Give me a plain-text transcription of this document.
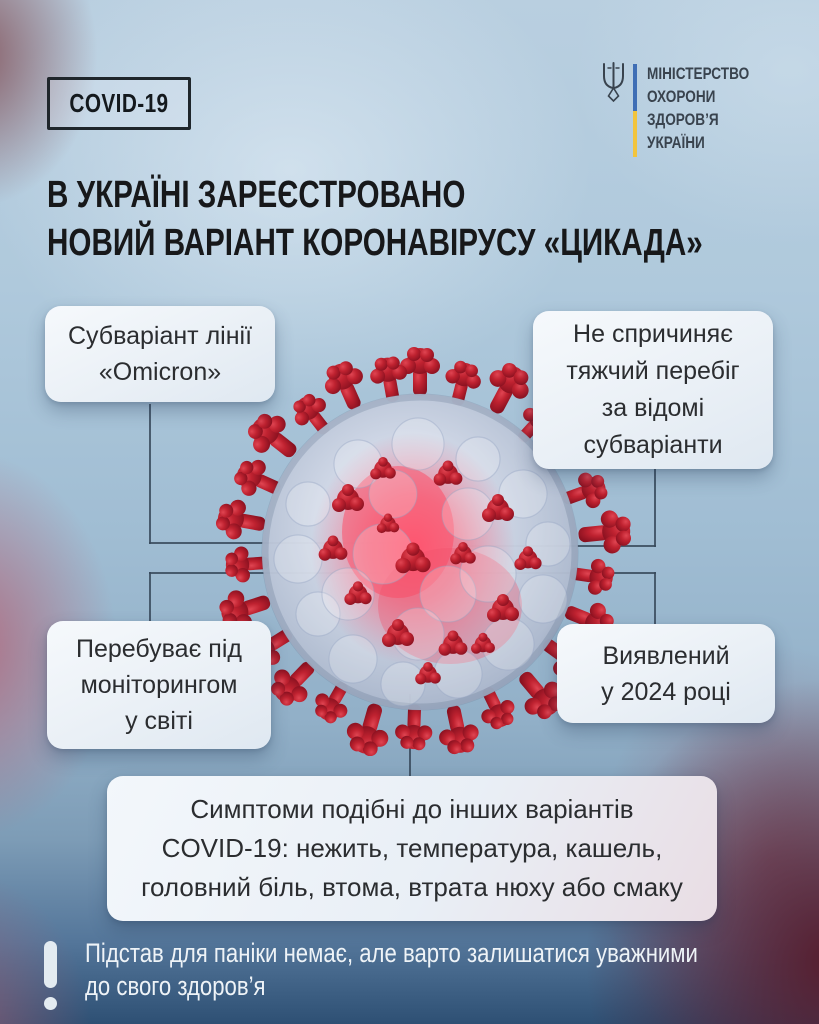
COVID-19
МІНІСТЕРСТВО
ОХОРОНИ
ЗДОРОВ’Я
УКРАЇНИ
В УКРАЇНІ ЗАРЕЄСТРОВАНО
НОВИЙ ВАРІАНТ КОРОНАВІРУСУ «ЦИКАДА»
Субваріант лінії
«Omicron»
Не спричиняє
тяжчий перебіг
за відомі
субваріанти
Перебуває під
моніторингом
у світі
Виявлений
у 2024 році
Симптоми подібні до інших варіантів
COVID-19: нежить, температура, кашель,
головний біль, втома, втрата нюху або смаку
Підстав для паніки немає, але варто залишатися уважними
до свого здоров’я
